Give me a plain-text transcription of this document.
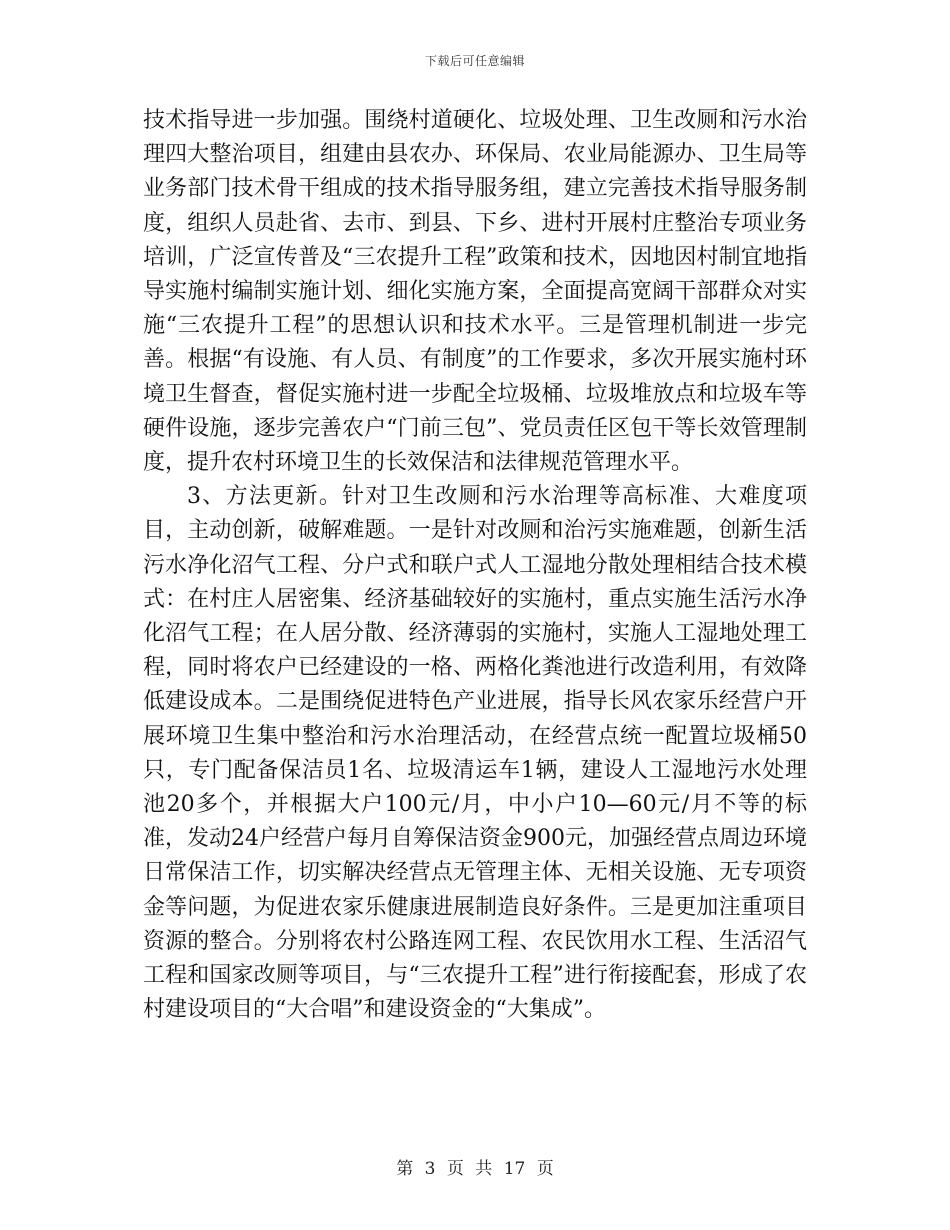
下载后可任意编辑

技术指导进一步加强。围绕村道硬化、垃圾处理、卫生改厕和污水治理四大整治项目，组建由县农办、环保局、农业局能源办、卫生局等业务部门技术骨干组成的技术指导服务组，建立完善技术指导服务制度，组织人员赴省、去市、到县、下乡、进村开展村庄整治专项业务培训，广泛宣传普及“三农提升工程”政策和技术，因地因村制宜地指导实施村编制实施计划、细化实施方案，全面提高宽阔干部群众对实施“三农提升工程”的思想认识和技术水平。三是管理机制进一步完善。根据“有设施、有人员、有制度”的工作要求，多次开展实施村环境卫生督查，督促实施村进一步配全垃圾桶、垃圾堆放点和垃圾车等硬件设施，逐步完善农户“门前三包”、党员责任区包干等长效管理制度，提升农村环境卫生的长效保洁和法律规范管理水平。

3、方法更新。针对卫生改厕和污水治理等高标准、大难度项目，主动创新，破解难题。一是针对改厕和治污实施难题，创新生活污水净化沼气工程、分户式和联户式人工湿地分散处理相结合技术模式：在村庄人居密集、经济基础较好的实施村，重点实施生活污水净化沼气工程；在人居分散、经济薄弱的实施村，实施人工湿地处理工程，同时将农户已经建设的一格、两格化粪池进行改造利用，有效降低建设成本。二是围绕促进特色产业进展，指导长风农家乐经营户开展环境卫生集中整治和污水治理活动，在经营点统一配置垃圾桶50只，专门配备保洁员1名、垃圾清运车1辆，建设人工湿地污水处理池20多个，并根据大户100元/月，中小户10—60元/月不等的标准，发动24户经营户每月自筹保洁资金900元，加强经营点周边环境日常保洁工作，切实解决经营点无管理主体、无相关设施、无专项资金等问题，为促进农家乐健康进展制造良好条件。三是更加注重项目资源的整合。分别将农村公路连网工程、农民饮用水工程、生活沼气工程和国家改厕等项目，与“三农提升工程”进行衔接配套，形成了农村建设项目的“大合唱”和建设资金的“大集成”。

第 3 页 共 17 页
